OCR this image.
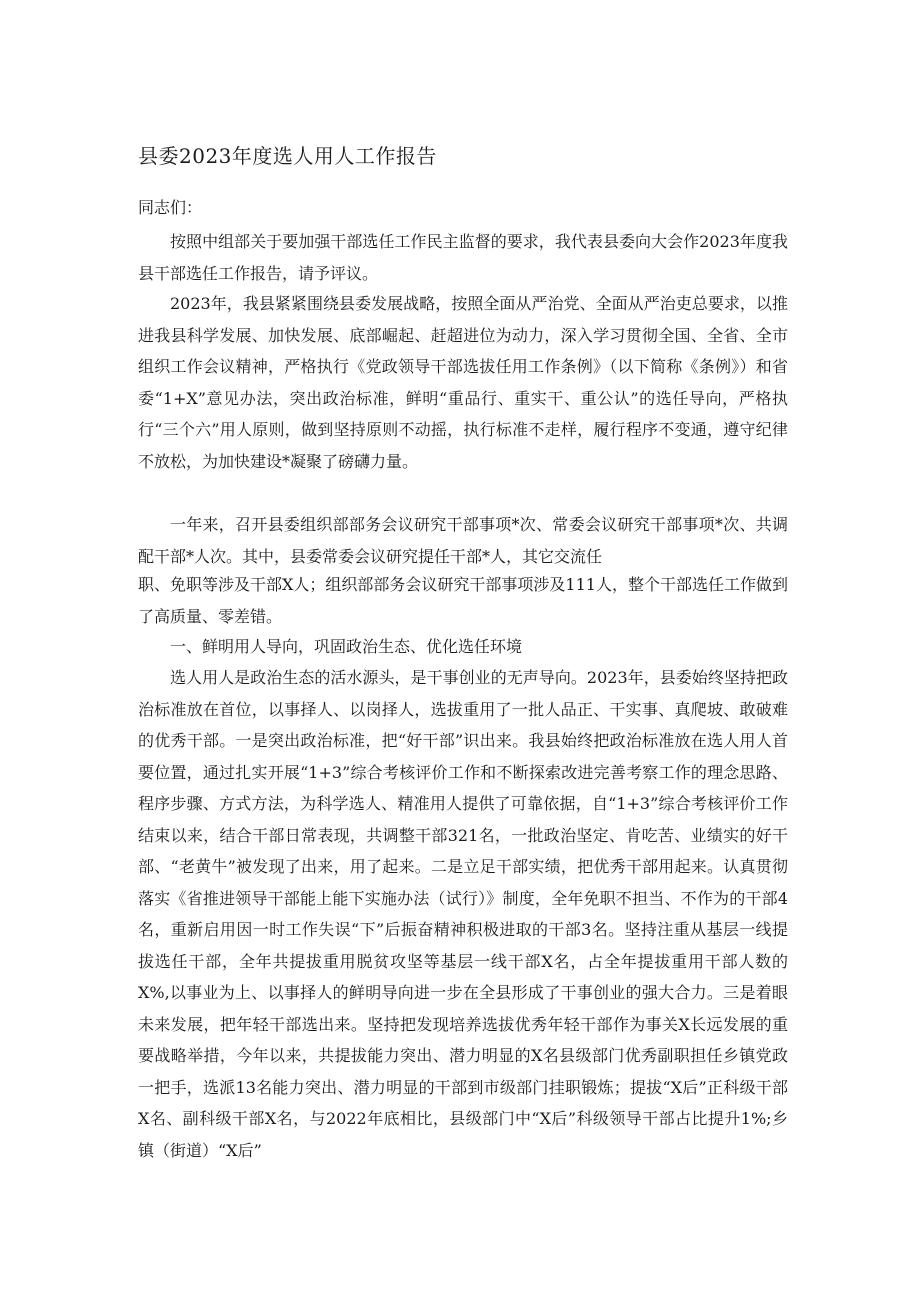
县委2023年度选人用人工作报告
同志们：

按照中组部关于要加强干部选任工作民主监督的要求，我代表县委向大会作2023年度我县干部选任工作报告，请予评议。

2023年，我县紧紧围绕县委发展战略，按照全面从严治党、全面从严治吏总要求，以推进我县科学发展、加快发展、底部崛起、赶超进位为动力，深入学习贯彻全国、全省、全市组织工作会议精神，严格执行《党政领导干部选拔任用工作条例》（以下简称《条例》）和省委“1+X”意见办法，突出政治标准，鲜明“重品行、重实干、重公认”的选任导向，严格执行“三个六”用人原则，做到坚持原则不动摇，执行标准不走样，履行程序不变通，遵守纪律不放松，为加快建设*凝聚了磅礴力量。

一年来，召开县委组织部部务会议研究干部事项*次、常委会议研究干部事项*次、共调配干部*人次。其中，县委常委会议研究提任干部*人，其它交流任

职、免职等涉及干部X人；组织部部务会议研究干部事项涉及111人，整个干部选任工作做到了高质量、零差错。

一、鲜明用人导向，巩固政治生态、优化选任环境

选人用人是政治生态的活水源头，是干事创业的无声导向。2023年，县委始终坚持把政治标准放在首位，以事择人、以岗择人，选拔重用了一批人品正、干实事、真爬坡、敢破难的优秀干部。一是突出政治标准，把“好干部”识出来。我县始终把政治标准放在选人用人首要位置，通过扎实开展“1+3”综合考核评价工作和不断探索改进完善考察工作的理念思路、程序步骤、方式方法，为科学选人、精准用人提供了可靠依据，自“1+3”综合考核评价工作结束以来，结合干部日常表现，共调整干部321名，一批政治坚定、肯吃苦、业绩实的好干部、“老黄牛”被发现了出来，用了起来。二是立足干部实绩，把优秀干部用起来。认真贯彻落实《省推进领导干部能上能下实施办法（试行）》制度，全年免职不担当、不作为的干部4名，重新启用因一时工作失误“下”后振奋精神积极进取的干部3名。坚持注重从基层一线提拔选任干部，全年共提拔重用脱贫攻坚等基层一线干部X名，占全年提拔重用干部人数的X%,以事业为上、以事择人的鲜明导向进一步在全县形成了干事创业的强大合力。三是着眼未来发展，把年轻干部选出来。坚持把发现培养选拔优秀年轻干部作为事关X长远发展的重要战略举措，今年以来，共提拔能力突出、潜力明显的X名县级部门优秀副职担任乡镇党政一把手，选派13名能力突出、潜力明显的干部到市级部门挂职锻炼；提拔“X后”正科级干部X名、副科级干部X名，与2022年底相比，县级部门中“X后”科级领导干部占比提升1%;乡镇（街道）“X后”
